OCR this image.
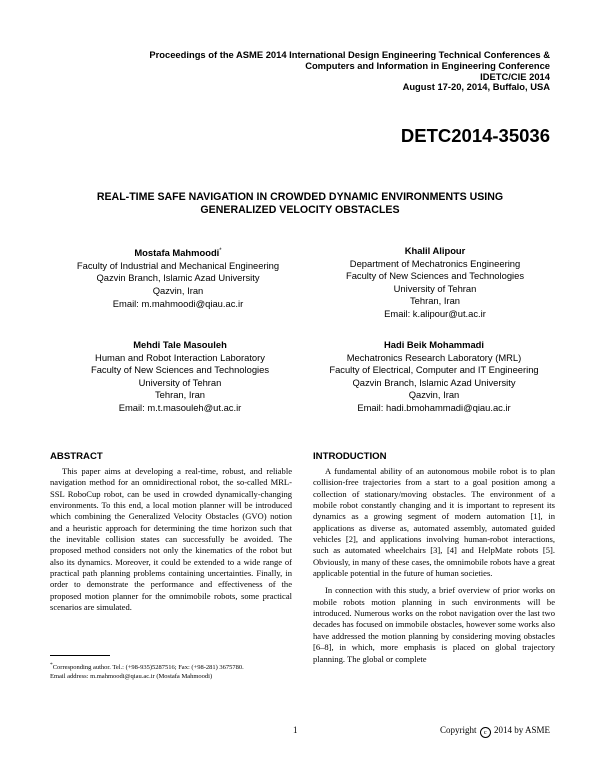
Proceedings of the ASME 2014 International Design Engineering Technical Conferences &
Computers and Information in Engineering Conference
IDETC/CIE 2014
August 17-20, 2014, Buffalo, USA
DETC2014-35036
REAL-TIME SAFE NAVIGATION IN CROWDED DYNAMIC ENVIRONMENTS USING
GENERALIZED VELOCITY OBSTACLES
Mostafa Mahmoodi*
Faculty of Industrial and Mechanical Engineering
Qazvin Branch, Islamic Azad University
Qazvin, Iran
Email: m.mahmoodi@qiau.ac.ir
Khalil Alipour
Department of Mechatronics Engineering
Faculty of New Sciences and Technologies
University of Tehran
Tehran, Iran
Email: k.alipour@ut.ac.ir
Mehdi Tale Masouleh
Human and Robot Interaction Laboratory
Faculty of New Sciences and Technologies
University of Tehran
Tehran, Iran
Email: m.t.masouleh@ut.ac.ir
Hadi Beik Mohammadi
Mechatronics Research Laboratory (MRL)
Faculty of Electrical, Computer and IT Engineering
Qazvin Branch, Islamic Azad University
Qazvin, Iran
Email: hadi.bmohammadi@qiau.ac.ir
ABSTRACT	INTRODUCTION

This paper aims at developing a real-time, robust, and reliable navigation method for an omnidirectional robot, the so-called MRL-SSL RoboCup robot, can be used in crowded dynamically-changing environments. To this end, a local motion planner will be introduced which combining the Generalized Velocity Obstacles (GVO) notion and a heuristic approach for determining the time horizon such that the inevitable collision states can successfully be avoided. The proposed method considers not only the kinematics of the robot but also its dynamics. Moreover, it could be extended to a wide range of practical path planning problems containing uncertainties. Finally, in order to demonstrate the performance and effectiveness of the proposed motion planner for the omnimobile robots, some practical scenarios are simulated.

A fundamental ability of an autonomous mobile robot is to plan collision-free trajectories from a start to a goal position among a collection of stationary/moving obstacles. The environment of a mobile robot constantly changing and it is important to represent its dynamics as a growing segment of modern automation [1], in applications as diverse as, automated assembly, automated guided vehicles [2], and applications involving human-robot interactions, such as automated wheelchairs [3], [4] and HelpMate robots [5]. Obviously, in many of these cases, the omnimobile robots have a great applicable potential in the future of human societies.

In connection with this study, a brief overview of prior works on mobile robots motion planning in such environments will be introduced. Numerous works on the robot navigation over the last two decades has focused on immobile obstacles, however some works also have addressed the motion planning by considering moving obstacles [6–8], in which, more emphasis is placed on global trajectory planning. The global or complete

*Corresponding author. Tel.: (+98-935)5287516; Fax: (+98-281) 3675780.
Email address: m.mahmoodi@qiau.ac.ir (Mostafa Mahmoodi)
1	Copyright c 2014 by ASME
